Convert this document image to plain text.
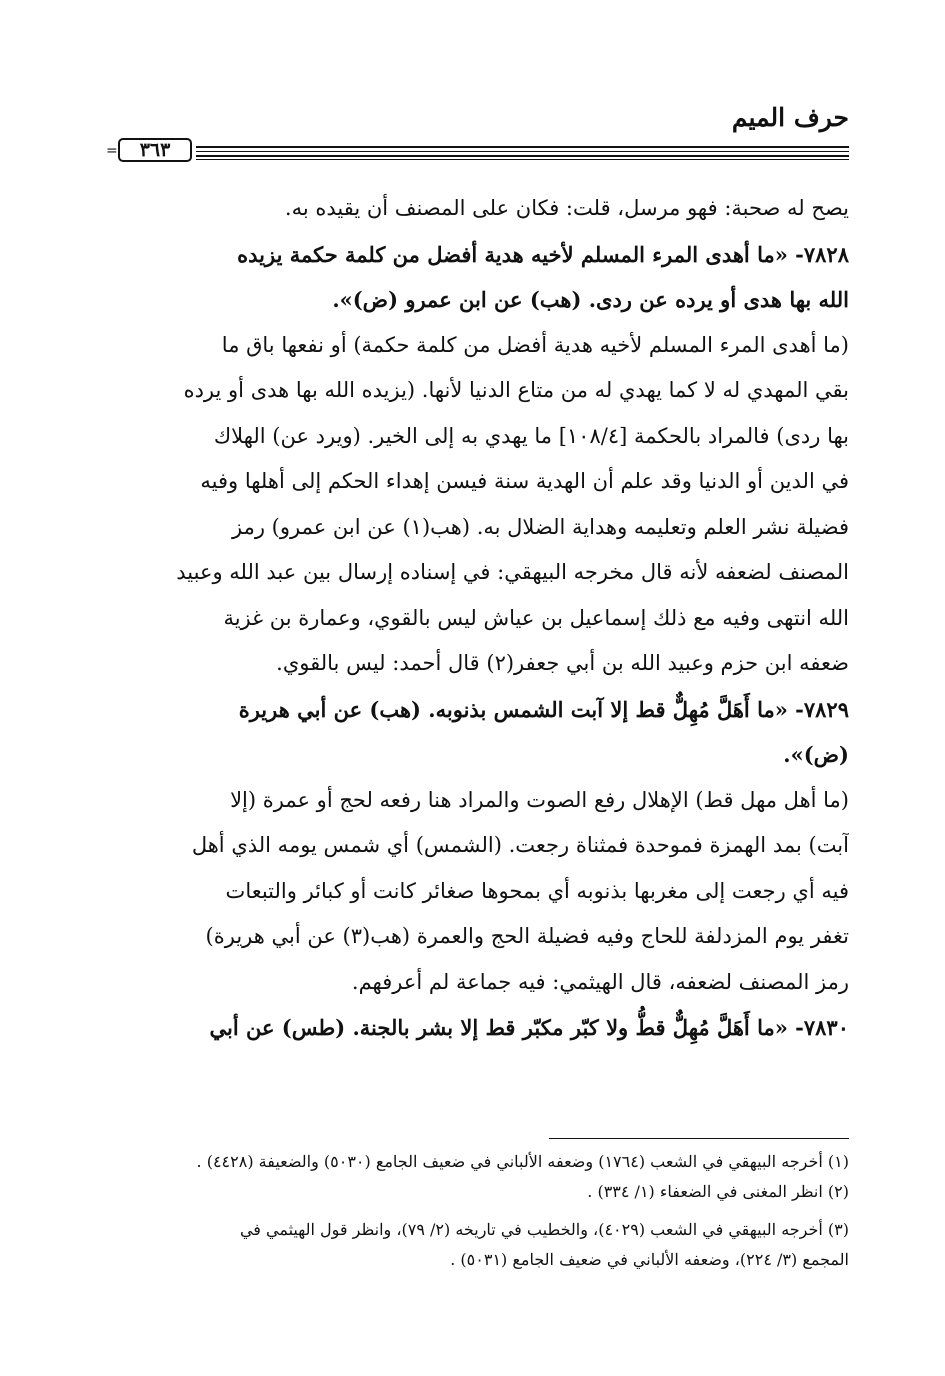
حرف الميم
=	٣٦٣
يصح له صحبة: فهو مرسل، قلت: فكان على المصنف أن يقيده به.
٧٨٢٨- «ما أهدى المرء المسلم لأخيه هدية أفضل من كلمة حكمة يزيده
الله بها هدى أو يرده عن ردى. (هب) عن ابن عمرو (ض)».
(ما أهدى المرء المسلم لأخيه هدية أفضل من كلمة حكمة) أو نفعها باق ما
بقي المهدي له لا كما يهدي له من متاع الدنيا لأنها. (يزيده الله بها هدى أو يرده
بها ردى) فالمراد بالحكمة [١٠٨/٤] ما يهدي به إلى الخير. (ويرد عن) الهلاك
في الدين أو الدنيا وقد علم أن الهدية سنة فيسن إهداء الحكم إلى أهلها وفيه
فضيلة نشر العلم وتعليمه وهداية الضلال به. (هب(١) عن ابن عمرو) رمز
المصنف لضعفه لأنه قال مخرجه البيهقي: في إسناده إرسال بين عبد الله وعبيد
الله انتهى وفيه مع ذلك إسماعيل بن عياش ليس بالقوي، وعمارة بن غزية
ضعفه ابن حزم وعبيد الله بن أبي جعفر(٢) قال أحمد: ليس بالقوي.
٧٨٢٩- «ما أَهَلَّ مُهِلٌّ قط إلا آبت الشمس بذنوبه. (هب) عن أبي هريرة
(ض)».
(ما أهل مهل قط) الإهلال رفع الصوت والمراد هنا رفعه لحج أو عمرة (إلا
آبت) بمد الهمزة فموحدة فمثناة رجعت. (الشمس) أي شمس يومه الذي أهل
فيه أي رجعت إلى مغربها بذنوبه أي بمحوها صغائر كانت أو كبائر والتبعات
تغفر يوم المزدلفة للحاج وفيه فضيلة الحج والعمرة (هب(٣) عن أبي هريرة)
رمز المصنف لضعفه، قال الهيثمي: فيه جماعة لم أعرفهم.
٧٨٣٠- «ما أَهَلَّ مُهِلٌّ قطُّ ولا كبّر مكبّر قط إلا بشر بالجنة. (طس) عن أبي
(١) أخرجه البيهقي في الشعب (١٧٦٤) وضعفه الألباني في ضعيف الجامع (٥٠٣٠) والضعيفة (٤٤٢٨) .
(٢) انظر المغنى في الضعفاء (١/ ٣٣٤) .
(٣) أخرجه البيهقي في الشعب (٤٠٢٩)، والخطيب في تاريخه (٢/ ٧٩)، وانظر قول الهيثمي في
المجمع (٣/ ٢٢٤)، وضعفه الألباني في ضعيف الجامع (٥٠٣١) .
